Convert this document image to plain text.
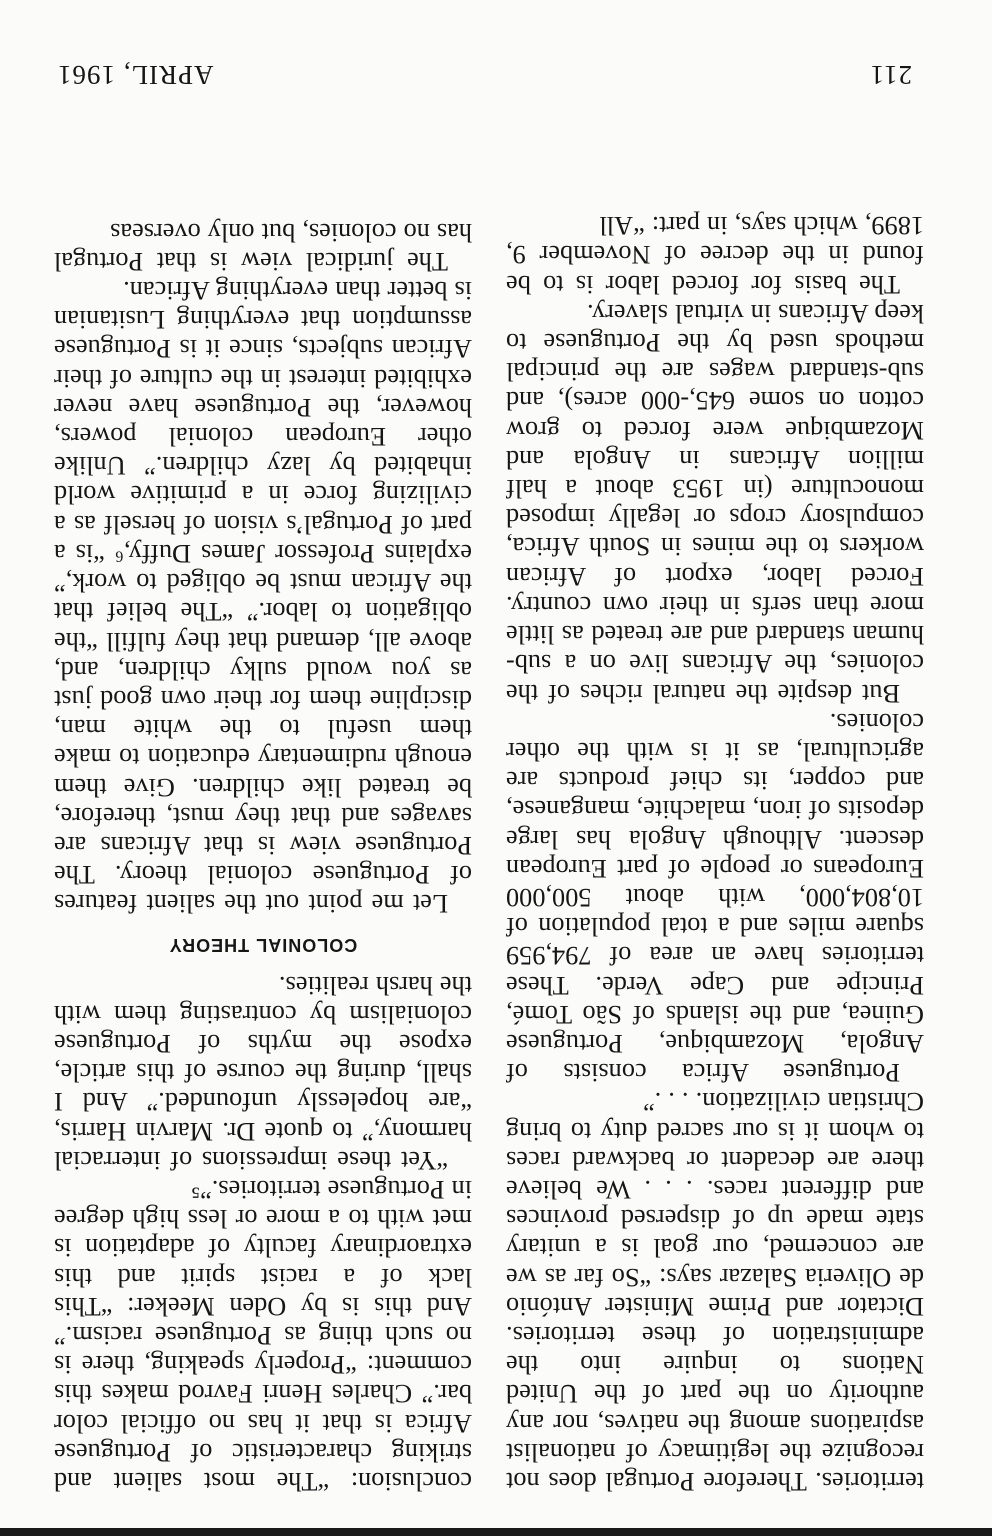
211
APRIL, 1961

territories. Therefore Portugal does not recognize the legitimacy of nationalist aspirations among the natives, nor any authority on the part of the United Nations to inquire into the administration of these territories. Dictator and Prime Minister António de Oliveria Salazar says: “So far as we are concerned, our goal is a unitary state made up of dispersed provinces and different races. . . . We believe there are decadent or backward races to whom it is our sacred duty to bring Christian civilization. . . .”

Portuguese Africa consists of Angola, Mozambique, Portuguese Guinea, and the islands of São Tomé, Principe and Cape Verde. These territories have an area of 794,959 square miles and a total population of 10,804,000, with about 500,000 Europeans or people of part European descent. Although Angola has large deposits of iron, malachite, manganese, and copper, its chief products are agricultural, as it is with the other colonies.

But despite the natural riches of the colonies, the Africans live on a sub-human standard and are treated as little more than serfs in their own country. Forced labor, export of African workers to the mines in South Africa, compulsory crops or legally imposed monoculture (in 1953 about a half million Africans in Angola and Mozambique were forced to grow cotton on some 645,-000 acres), and sub-standard wages are the principal methods used by the Portuguese to keep Africans in virtual slavery.

The basis for forced labor is to be found in the decree of November 9, 1899, which says, in part: “All

conclusion: “The most salient and striking characteristic of Portuguese Africa is that it has no official color bar.” Charles Henri Favrod makes this comment: “Properly speaking, there is no such thing as Portuguese racism.” And this is by Oden Meeker: “This lack of a racist spirit and this extraordinary faculty of adaptation is met with to a more or less high degree in Portuguese territories.”⁵

“Yet these impressions of interracial harmony,” to quote Dr. Marvin Harris, “are hopelessly unfounded.” And I shall, during the course of this article, expose the myths of Portuguese colonialism by contrasting them with the harsh realities.

COLONIAL THEORY

Let me point out the salient features of Portuguese colonial theory. The Portuguese view is that Africans are savages and that they must, therefore, be treated like children. Give them enough rudimentary education to make them useful to the white man, discipline them for their own good just as you would sulky children, and, above all, demand that they fulfill “the obligation to labor.” “The belief that the African must be obliged to work,” explains Professor James Duffy,⁶ “is a part of Portugal’s vision of herself as a civilizing force in a primitive world inhabited by lazy children.” Unlike other European colonial powers, however, the Portuguese have never exhibited interest in the culture of their African subjects, since it is Portuguese assumption that everything Lusitanian is better than everything African.

The juridical view is that Portugal has no colonies, but only overseas
